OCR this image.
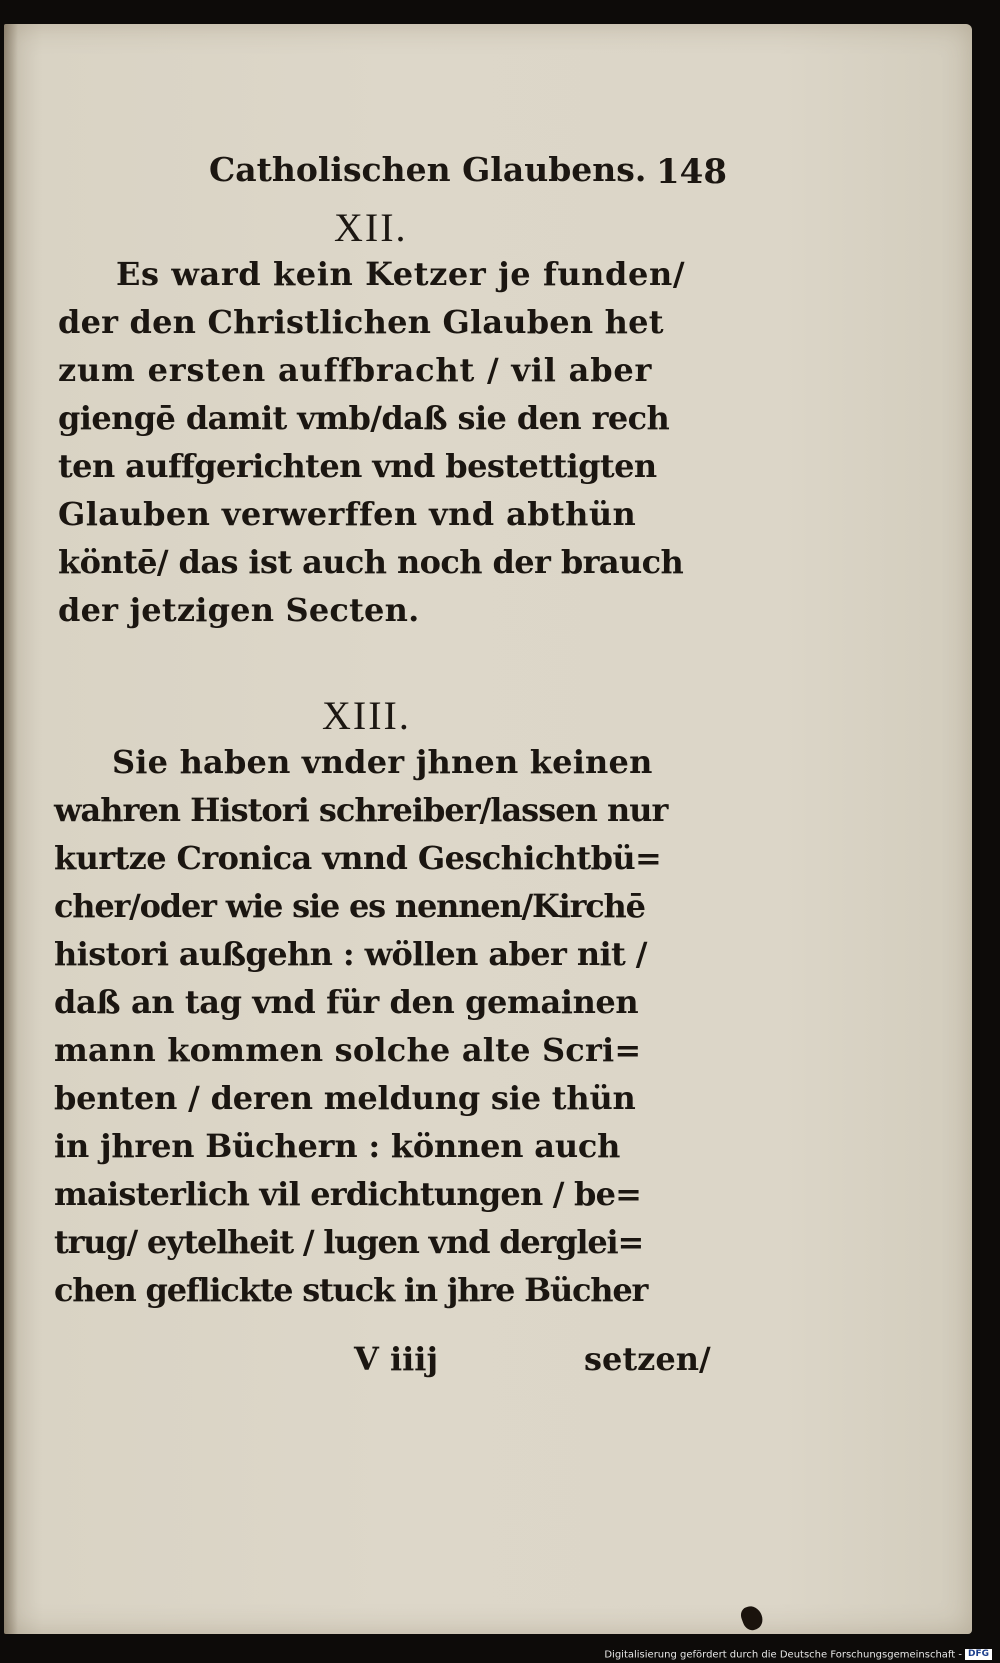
Catholischen Glaubens. 148
XII.
Es ward kein Ketzer je funden/
der den Christlichen Glauben het
zum ersten auffbracht / vil aber
giengē damit vmb/daß sie den rech
ten auffgerichten vnd bestettigten
Glauben verwerffen vnd abthün
köntē/ das ist auch noch der brauch
der jetzigen Secten.
XIII.
Sie haben vnder jhnen keinen
wahren Histori schreiber/lassen nur
kurtze Cronica vnnd Geschichtbü=
cher/oder wie sie es nennen/Kirchē
histori außgehn : wöllen aber nit /
daß an tag vnd für den gemainen
mann kommen solche alte Scri=
benten / deren meldung sie thün
in jhren Büchern : können auch
maisterlich vil erdichtungen / be=
trug/ eytelheit / lugen vnd derglei=
chen geflickte stuck in jhre Bücher
V iiij	setzen/
Digitalisierung gefördert durch die Deutsche Forschungsgemeinschaft - DFG
